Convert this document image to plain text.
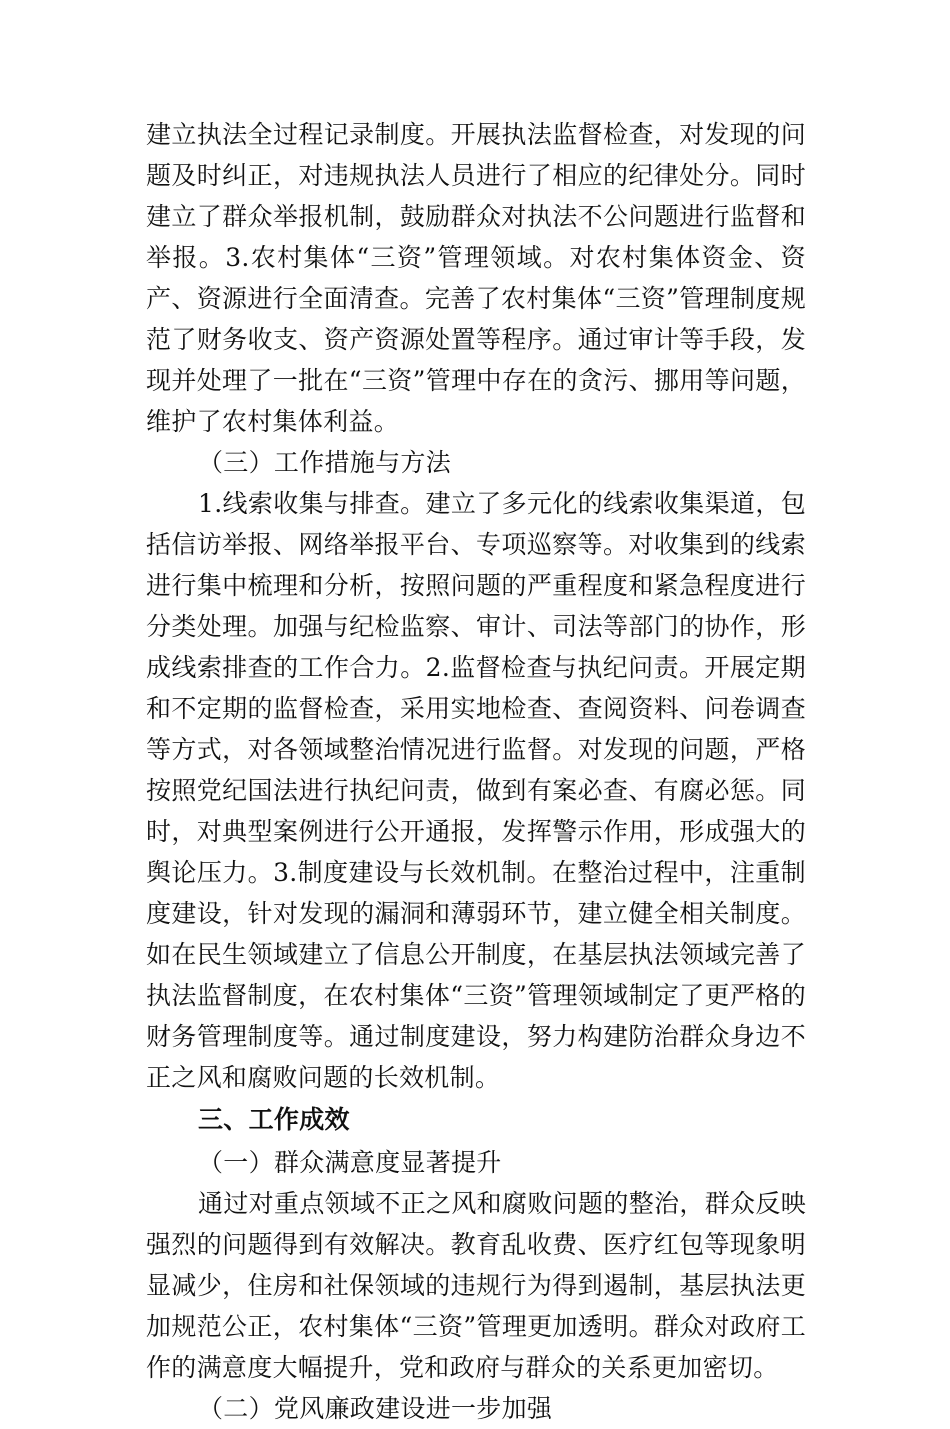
建立执法全过程记录制度。开展执法监督检查，对发现的问题及时纠正，对违规执法人员进行了相应的纪律处分。同时建立了群众举报机制，鼓励群众对执法不公问题进行监督和举报。3.农村集体“三资”管理领域。对农村集体资金、资产、资源进行全面清查。完善了农村集体“三资”管理制度规范了财务收支、资产资源处置等程序。通过审计等手段，发现并处理了一批在“三资”管理中存在的贪污、挪用等问题，维护了农村集体利益。

（三）工作措施与方法

1.线索收集与排查。建立了多元化的线索收集渠道，包括信访举报、网络举报平台、专项巡察等。对收集到的线索进行集中梳理和分析，按照问题的严重程度和紧急程度进行分类处理。加强与纪检监察、审计、司法等部门的协作，形成线索排查的工作合力。2.监督检查与执纪问责。开展定期和不定期的监督检查，采用实地检查、查阅资料、问卷调查等方式，对各领域整治情况进行监督。对发现的问题，严格按照党纪国法进行执纪问责，做到有案必查、有腐必惩。同时，对典型案例进行公开通报，发挥警示作用，形成强大的舆论压力。3.制度建设与长效机制。在整治过程中，注重制度建设，针对发现的漏洞和薄弱环节，建立健全相关制度。如在民生领域建立了信息公开制度，在基层执法领域完善了执法监督制度，在农村集体“三资”管理领域制定了更严格的财务管理制度等。通过制度建设，努力构建防治群众身边不正之风和腐败问题的长效机制。

三、工作成效

（一）群众满意度显著提升

通过对重点领域不正之风和腐败问题的整治，群众反映强烈的问题得到有效解决。教育乱收费、医疗红包等现象明显减少，住房和社保领域的违规行为得到遏制，基层执法更加规范公正，农村集体“三资”管理更加透明。群众对政府工作的满意度大幅提升，党和政府与群众的关系更加密切。

（二）党风廉政建设进一步加强
